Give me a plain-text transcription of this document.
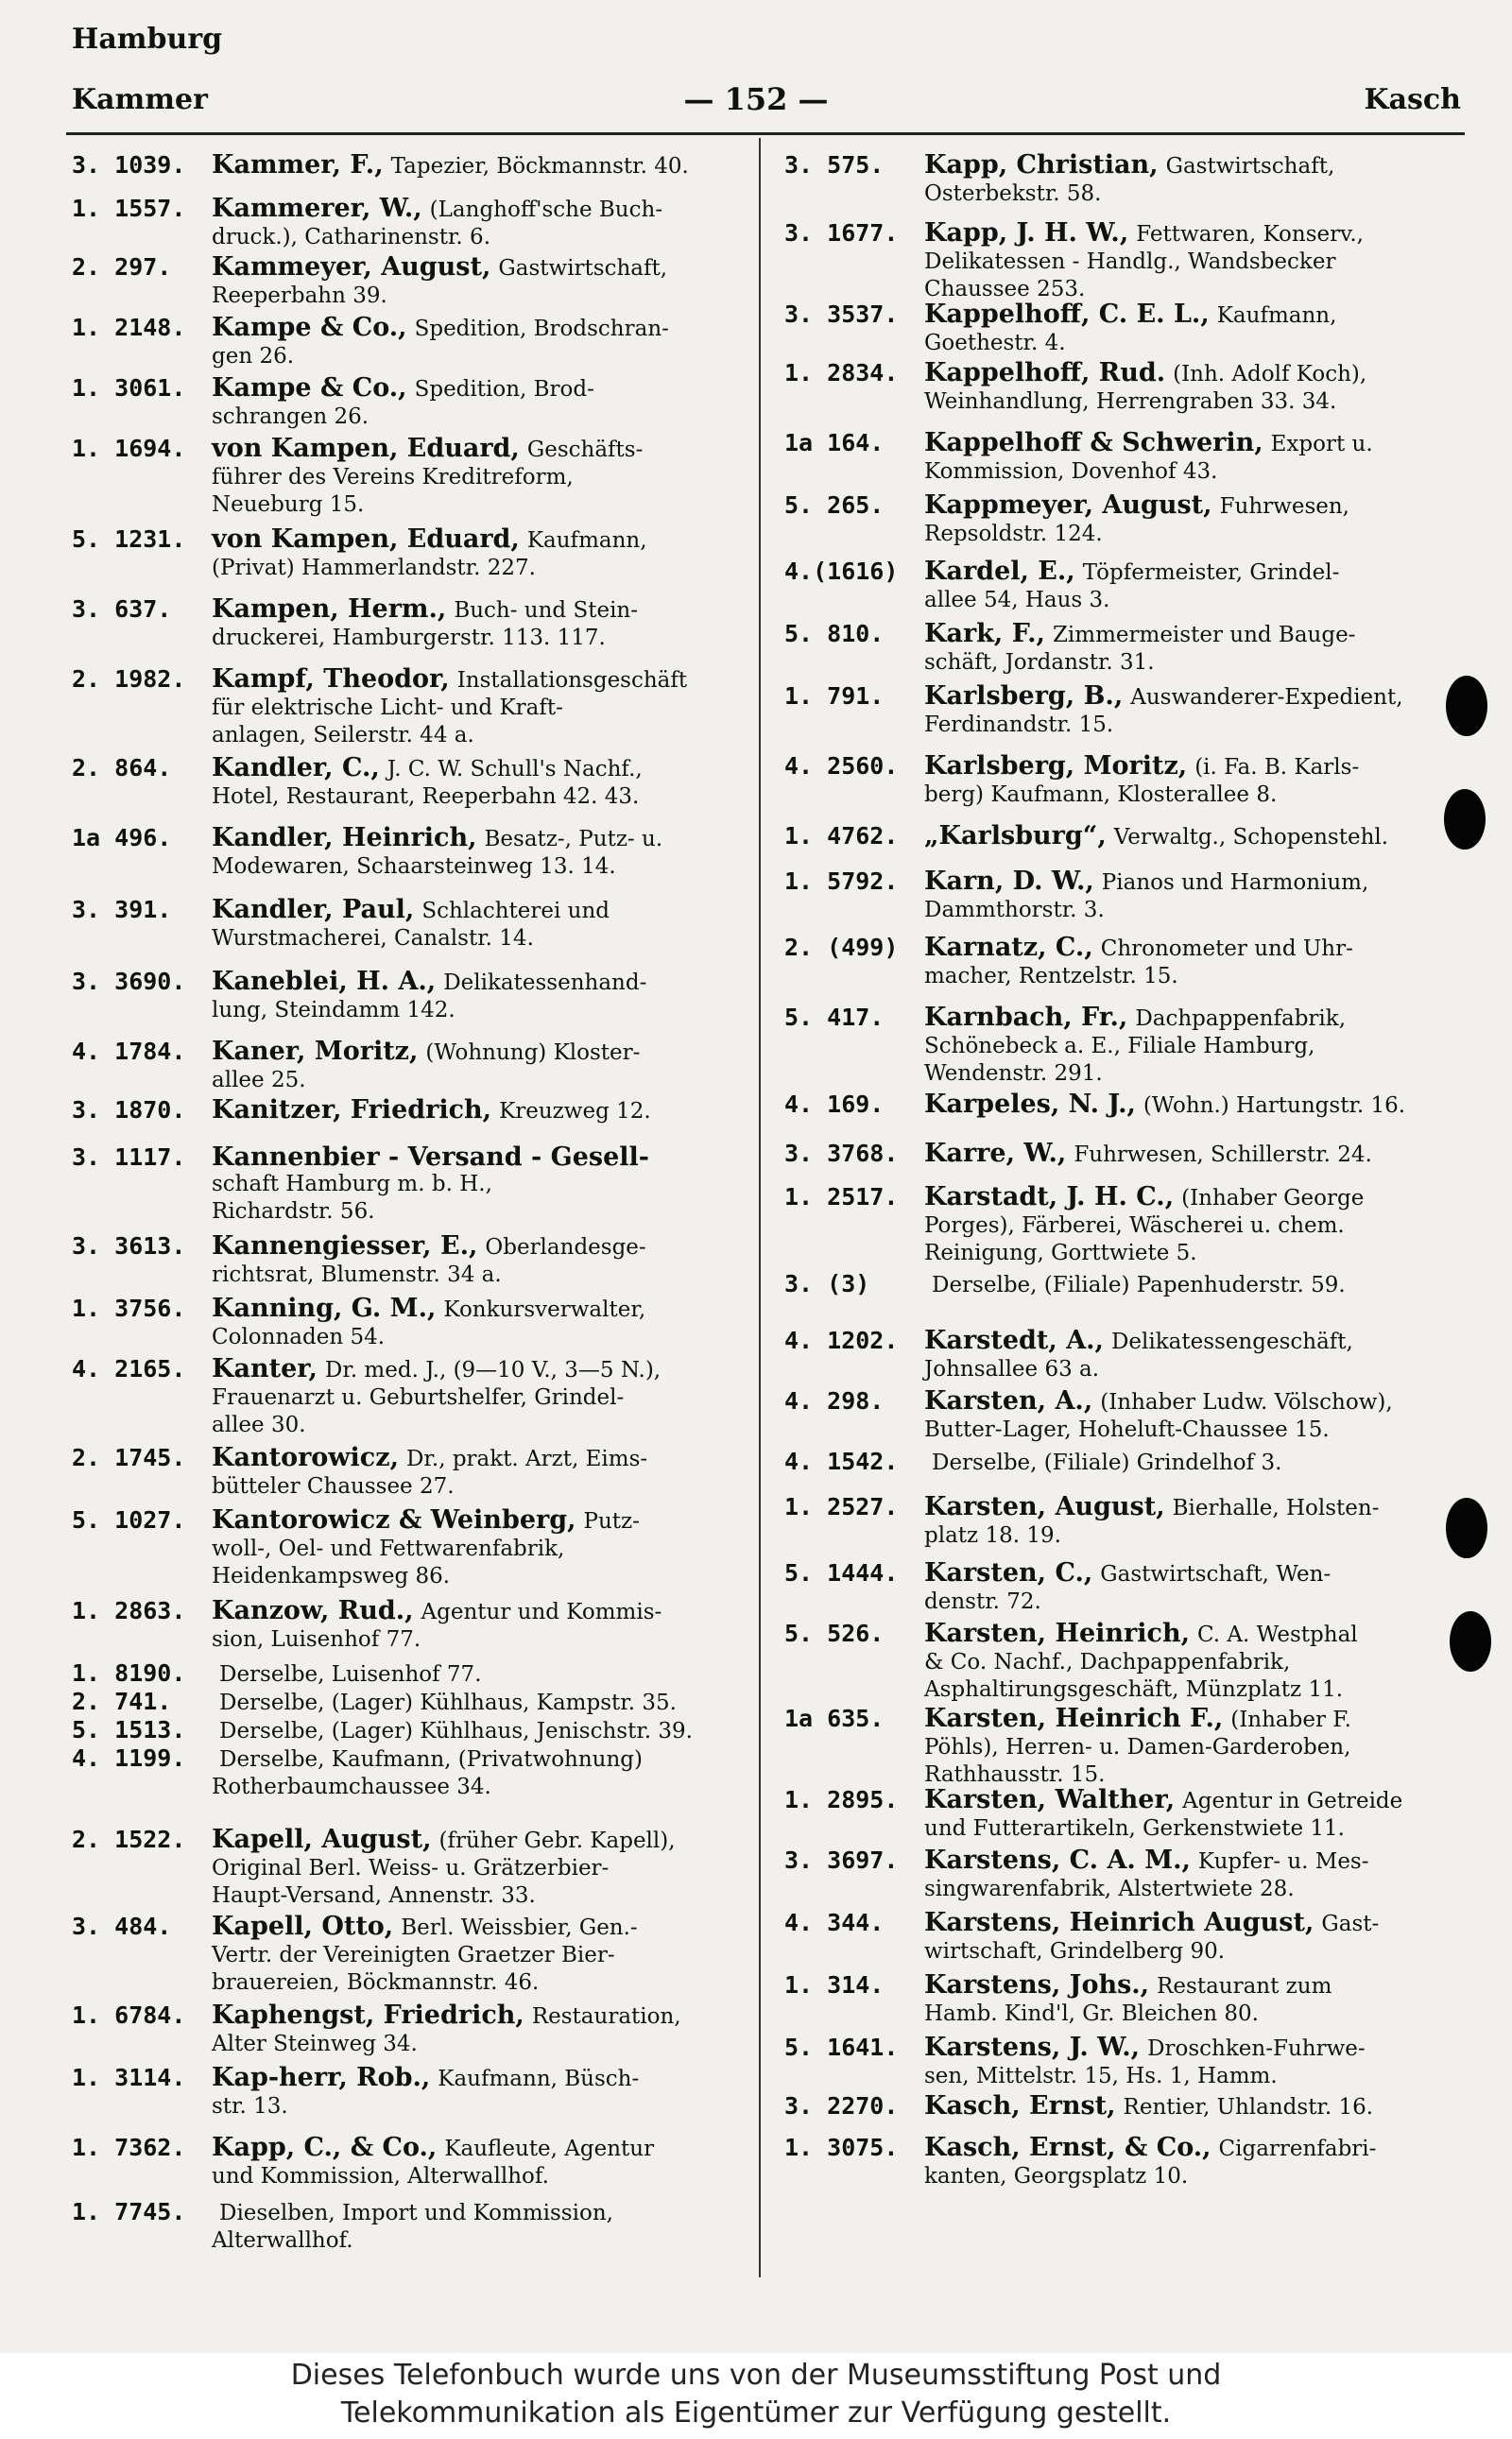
Hamburg
Kammer	— 152 —	Kasch
3. 1039.	Kammer, F., Tapezier, Böckmannstr. 40.
1. 1557.	Kammerer, W., (Langhoff'sche Buch-
druck.), Catharinenstr. 6.
2. 297.	Kammeyer, August, Gastwirtschaft,
Reeperbahn 39.
1. 2148.	Kampe & Co., Spedition, Brodschran-
gen 26.
1. 3061.	Kampe & Co., Spedition, Brod-
schrangen 26.
1. 1694.	von Kampen, Eduard, Geschäfts-
führer des Vereins Kreditreform,
Neueburg 15.
5. 1231.	von Kampen, Eduard, Kaufmann,
(Privat) Hammerlandstr. 227.
3. 637.	Kampen, Herm., Buch- und Stein-
druckerei, Hamburgerstr. 113. 117.
2. 1982.	Kampf, Theodor, Installationsgeschäft
für elektrische Licht- und Kraft-
anlagen, Seilerstr. 44 a.
2. 864.	Kandler, C., J. C. W. Schull's Nachf.,
Hotel, Restaurant, Reeperbahn 42. 43.
1a 496.	Kandler, Heinrich, Besatz-, Putz- u.
Modewaren, Schaarsteinweg 13. 14.
3. 391.	Kandler, Paul, Schlachterei und
Wurstmacherei, Canalstr. 14.
3. 3690.	Kaneblei, H. A., Delikatessenhand-
lung, Steindamm 142.
4. 1784.	Kaner, Moritz, (Wohnung) Kloster-
allee 25.
3. 1870.	Kanitzer, Friedrich, Kreuzweg 12.
3. 1117.	Kannenbier - Versand - Gesell-
schaft Hamburg m. b. H.,
Richardstr. 56.
3. 3613.	Kannengiesser, E., Oberlandesge-
richtsrat, Blumenstr. 34 a.
1. 3756.	Kanning, G. M., Konkursverwalter,
Colonnaden 54.
4. 2165.	Kanter, Dr. med. J., (9—10 V., 3—5 N.),
Frauenarzt u. Geburtshelfer, Grindel-
allee 30.
2. 1745.	Kantorowicz, Dr., prakt. Arzt, Eims-
bütteler Chaussee 27.
5. 1027.	Kantorowicz & Weinberg, Putz-
woll-, Oel- und Fettwarenfabrik,
Heidenkampsweg 86.
1. 2863.	Kanzow, Rud., Agentur und Kommis-
sion, Luisenhof 77.
1. 8190.	Derselbe, Luisenhof 77.
2. 741.	Derselbe, (Lager) Kühlhaus, Kampstr. 35.
5. 1513.	Derselbe, (Lager) Kühlhaus, Jenischstr. 39.
4. 1199.	Derselbe, Kaufmann, (Privatwohnung)
Rotherbaumchaussee 34.
2. 1522.	Kapell, August, (früher Gebr. Kapell),
Original Berl. Weiss- u. Grätzerbier-
Haupt-Versand, Annenstr. 33.
3. 484.	Kapell, Otto, Berl. Weissbier, Gen.-
Vertr. der Vereinigten Graetzer Bier-
brauereien, Böckmannstr. 46.
1. 6784.	Kaphengst, Friedrich, Restauration,
Alter Steinweg 34.
1. 3114.	Kap-herr, Rob., Kaufmann, Büsch-
str. 13.
1. 7362.	Kapp, C., & Co., Kaufleute, Agentur
und Kommission, Alterwallhof.
1. 7745.	Dieselben, Import und Kommission,
Alterwallhof.
3. 575.	Kapp, Christian, Gastwirtschaft,
Osterbekstr. 58.
3. 1677.	Kapp, J. H. W., Fettwaren, Konserv.,
Delikatessen - Handlg., Wandsbecker
Chaussee 253.
3. 3537.	Kappelhoff, C. E. L., Kaufmann,
Goethestr. 4.
1. 2834.	Kappelhoff, Rud. (Inh. Adolf Koch),
Weinhandlung, Herrengraben 33. 34.
1a 164.	Kappelhoff & Schwerin, Export u.
Kommission, Dovenhof 43.
5. 265.	Kappmeyer, August, Fuhrwesen,
Repsoldstr. 124.
4.(1616)	Kardel, E., Töpfermeister, Grindel-
allee 54, Haus 3.
5. 810.	Kark, F., Zimmermeister und Bauge-
schäft, Jordanstr. 31.
1. 791.	Karlsberg, B., Auswanderer-Expedient,
Ferdinandstr. 15.
4. 2560.	Karlsberg, Moritz, (i. Fa. B. Karls-
berg) Kaufmann, Klosterallee 8.
1. 4762.	„Karlsburg“, Verwaltg., Schopenstehl.
1. 5792.	Karn, D. W., Pianos und Harmonium,
Dammthorstr. 3.
2. (499)	Karnatz, C., Chronometer und Uhr-
macher, Rentzelstr. 15.
5. 417.	Karnbach, Fr., Dachpappenfabrik,
Schönebeck a. E., Filiale Hamburg,
Wendenstr. 291.
4. 169.	Karpeles, N. J., (Wohn.) Hartungstr. 16.
3. 3768.	Karre, W., Fuhrwesen, Schillerstr. 24.
1. 2517.	Karstadt, J. H. C., (Inhaber George
Porges), Färberei, Wäscherei u. chem.
Reinigung, Gorttwiete 5.
3. (3)	Derselbe, (Filiale) Papenhuderstr. 59.
4. 1202.	Karstedt, A., Delikatessengeschäft,
Johnsallee 63 a.
4. 298.	Karsten, A., (Inhaber Ludw. Völschow),
Butter-Lager, Hoheluft-Chaussee 15.
4. 1542.	Derselbe, (Filiale) Grindelhof 3.
1. 2527.	Karsten, August, Bierhalle, Holsten-
platz 18. 19.
5. 1444.	Karsten, C., Gastwirtschaft, Wen-
denstr. 72.
5. 526.	Karsten, Heinrich, C. A. Westphal
& Co. Nachf., Dachpappenfabrik,
Asphaltirungsgeschäft, Münzplatz 11.
1a 635.	Karsten, Heinrich F., (Inhaber F.
Pöhls), Herren- u. Damen-Garderoben,
Rathhausstr. 15.
1. 2895.	Karsten, Walther, Agentur in Getreide
und Futterartikeln, Gerkenstwiete 11.
3. 3697.	Karstens, C. A. M., Kupfer- u. Mes-
singwarenfabrik, Alstertwiete 28.
4. 344.	Karstens, Heinrich August, Gast-
wirtschaft, Grindelberg 90.
1. 314.	Karstens, Johs., Restaurant zum
Hamb. Kind'l, Gr. Bleichen 80.
5. 1641.	Karstens, J. W., Droschken-Fuhrwe-
sen, Mittelstr. 15, Hs. 1, Hamm.
3. 2270.	Kasch, Ernst, Rentier, Uhlandstr. 16.
1. 3075.	Kasch, Ernst, & Co., Cigarrenfabri-
kanten, Georgsplatz 10.
Dieses Telefonbuch wurde uns von der Museumsstiftung Post und
Telekommunikation als Eigentümer zur Verfügung gestellt.
